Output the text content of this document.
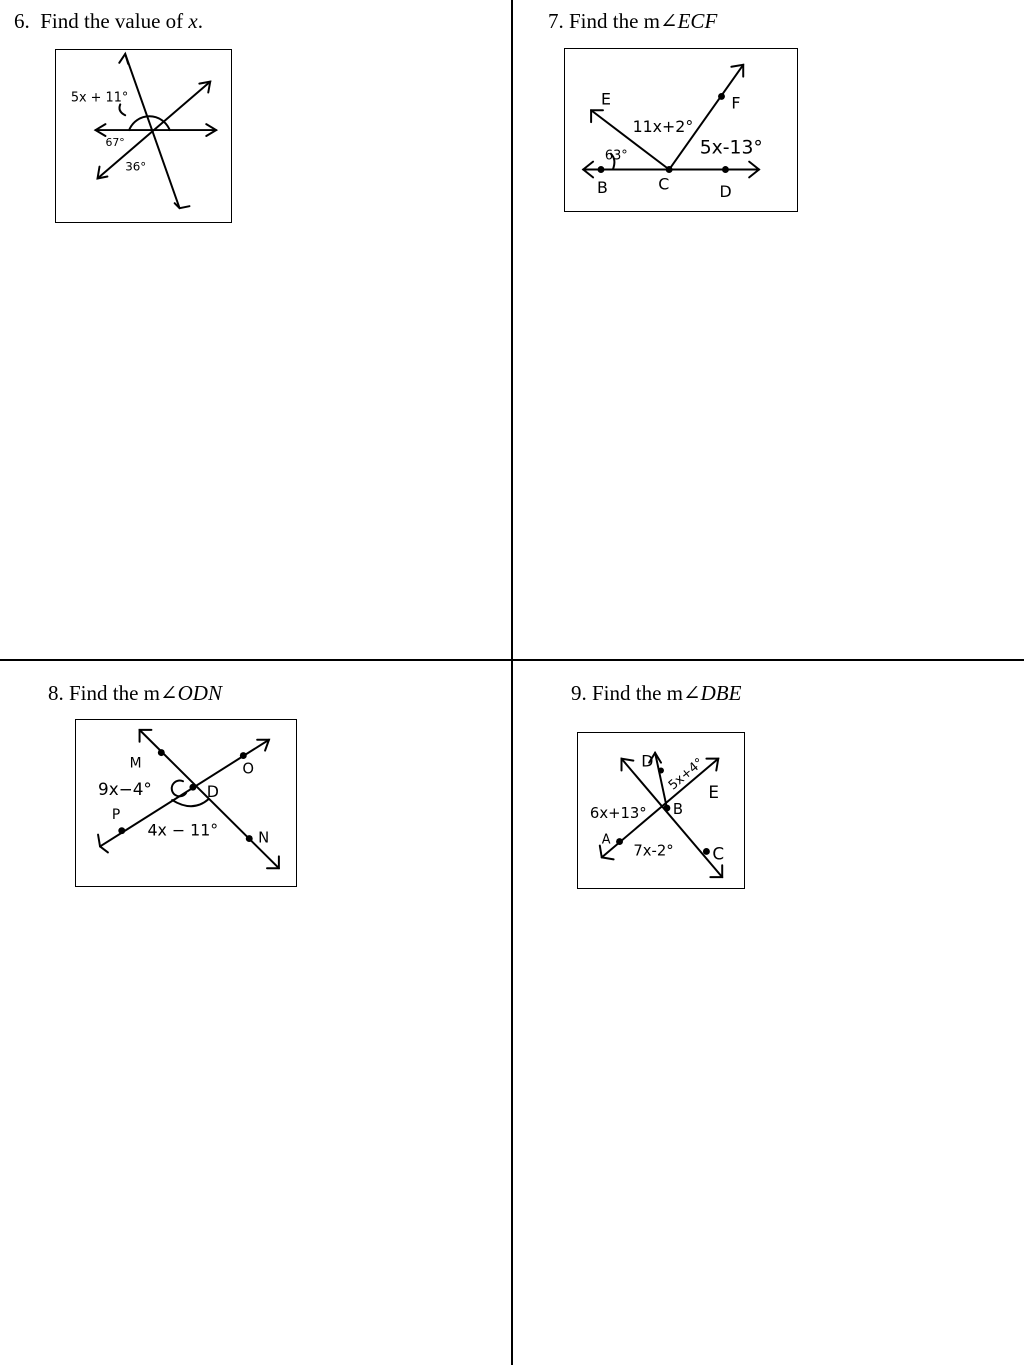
6. Find the value of x.
5x + 11°
67°
36°
7. Find the m∠ECF
E	F
B	C	D
11x+2°
5x-13°
63°
8. Find the m∠ODN
M	O
D
P
N
9x−4°
4x − 11°
9. Find the m∠DBE
D
E
B
A
C
5x+4°
6x+13°
7x-2°
